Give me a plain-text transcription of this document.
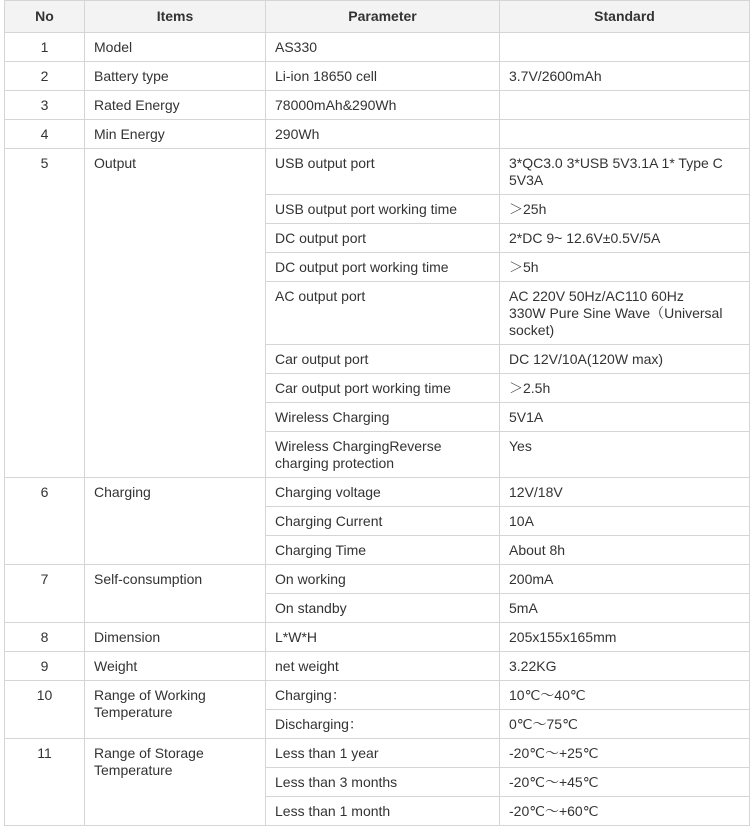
No	Items	Parameter	Standard
1	Model	AS330	
2	Battery type	Li-ion 18650 cell	3.7V/2600mAh
3	Rated Energy	78000mAh&290Wh	
4	Min Energy	290Wh	
5	Output	USB output port	3*QC3.0 3*USB 5V3.1A 1* Type C 5V3A
		USB output port working time	＞25h
		DC output port	2*DC 9~ 12.6V±0.5V/5A
		DC output port working time	＞5h
		AC output port	AC 220V 50Hz/AC110 60Hz
330W Pure Sine Wave（Universal socket)
		Car output port	DC 12V/10A(120W max)
		Car output port working time	＞2.5h
		Wireless Charging	5V1A
		Wireless ChargingReverse charging protection	Yes
6	Charging	Charging voltage	12V/18V
		Charging Current	10A
		Charging Time	About 8h
7	Self-consumption	On working	200mA
		On standby	5mA
8	Dimension	L*W*H	205x155x165mm
9	Weight	net weight	3.22KG
10	Range of Working Temperature	Charging：	10℃～40℃
		Discharging：	0℃～75℃
11	Range of Storage Temperature	Less than 1 year	-20℃～+25℃
		Less than 3 months	-20℃～+45℃
		Less than 1 month	-20℃～+60℃
